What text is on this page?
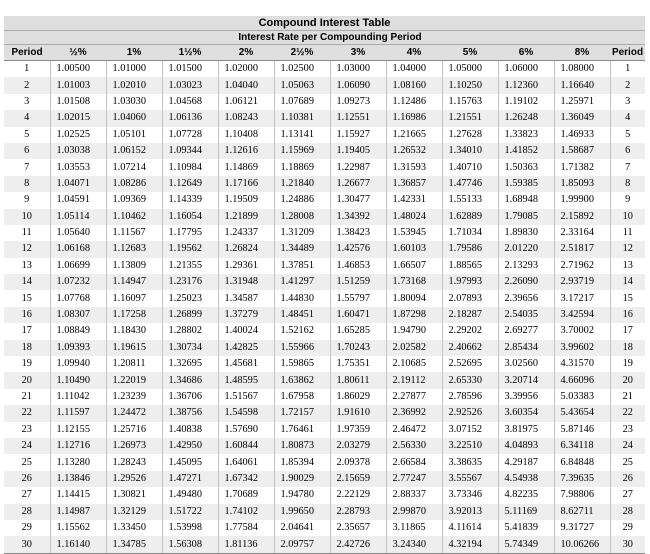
Compound Interest Table											
	Interest Rate per Compounding Period										
Period	½%	1%	1½%	2%	2½%	3%	4%	5%	6%	8%	Period
1	1.00500	1.01000	1.01500	1.02000	1.02500	1.03000	1.04000	1.05000	1.06000	1.08000	1
2	1.01003	1.02010	1.03023	1.04040	1.05063	1.06090	1.08160	1.10250	1.12360	1.16640	2
3	1.01508	1.03030	1.04568	1.06121	1.07689	1.09273	1.12486	1.15763	1.19102	1.25971	3
4	1.02015	1.04060	1.06136	1.08243	1.10381	1.12551	1.16986	1.21551	1.26248	1.36049	4
5	1.02525	1.05101	1.07728	1.10408	1.13141	1.15927	1.21665	1.27628	1.33823	1.46933	5
6	1.03038	1.06152	1.09344	1.12616	1.15969	1.19405	1.26532	1.34010	1.41852	1.58687	6
7	1.03553	1.07214	1.10984	1.14869	1.18869	1.22987	1.31593	1.40710	1.50363	1.71382	7
8	1.04071	1.08286	1.12649	1.17166	1.21840	1.26677	1.36857	1.47746	1.59385	1.85093	8
9	1.04591	1.09369	1.14339	1.19509	1.24886	1.30477	1.42331	1.55133	1.68948	1.99900	9
10	1.05114	1.10462	1.16054	1.21899	1.28008	1.34392	1.48024	1.62889	1.79085	2.15892	10
11	1.05640	1.11567	1.17795	1.24337	1.31209	1.38423	1.53945	1.71034	1.89830	2.33164	11
12	1.06168	1.12683	1.19562	1.26824	1.34489	1.42576	1.60103	1.79586	2.01220	2.51817	12
13	1.06699	1.13809	1.21355	1.29361	1.37851	1.46853	1.66507	1.88565	2.13293	2.71962	13
14	1.07232	1.14947	1.23176	1.31948	1.41297	1.51259	1.73168	1.97993	2.26090	2.93719	14
15	1.07768	1.16097	1.25023	1.34587	1.44830	1.55797	1.80094	2.07893	2.39656	3.17217	15
16	1.08307	1.17258	1.26899	1.37279	1.48451	1.60471	1.87298	2.18287	2.54035	3.42594	16
17	1.08849	1.18430	1.28802	1.40024	1.52162	1.65285	1.94790	2.29202	2.69277	3.70002	17
18	1.09393	1.19615	1.30734	1.42825	1.55966	1.70243	2.02582	2.40662	2.85434	3.99602	18
19	1.09940	1.20811	1.32695	1.45681	1.59865	1.75351	2.10685	2.52695	3.02560	4.31570	19
20	1.10490	1.22019	1.34686	1.48595	1.63862	1.80611	2.19112	2.65330	3.20714	4.66096	20
21	1.11042	1.23239	1.36706	1.51567	1.67958	1.86029	2.27877	2.78596	3.39956	5.03383	21
22	1.11597	1.24472	1.38756	1.54598	1.72157	1.91610	2.36992	2.92526	3.60354	5.43654	22
23	1.12155	1.25716	1.40838	1.57690	1.76461	1.97359	2.46472	3.07152	3.81975	5.87146	23
24	1.12716	1.26973	1.42950	1.60844	1.80873	2.03279	2.56330	3.22510	4.04893	6.34118	24
25	1.13280	1.28243	1.45095	1.64061	1.85394	2.09378	2.66584	3.38635	4.29187	6.84848	25
26	1.13846	1.29526	1.47271	1.67342	1.90029	2.15659	2.77247	3.55567	4.54938	7.39635	26
27	1.14415	1.30821	1.49480	1.70689	1.94780	2.22129	2.88337	3.73346	4.82235	7.98806	27
28	1.14987	1.32129	1.51722	1.74102	1.99650	2.28793	2.99870	3.92013	5.11169	8.62711	28
29	1.15562	1.33450	1.53998	1.77584	2.04641	2.35657	3.11865	4.11614	5.41839	9.31727	29
30	1.16140	1.34785	1.56308	1.81136	2.09757	2.42726	3.24340	4.32194	5.74349	10.06266	30
